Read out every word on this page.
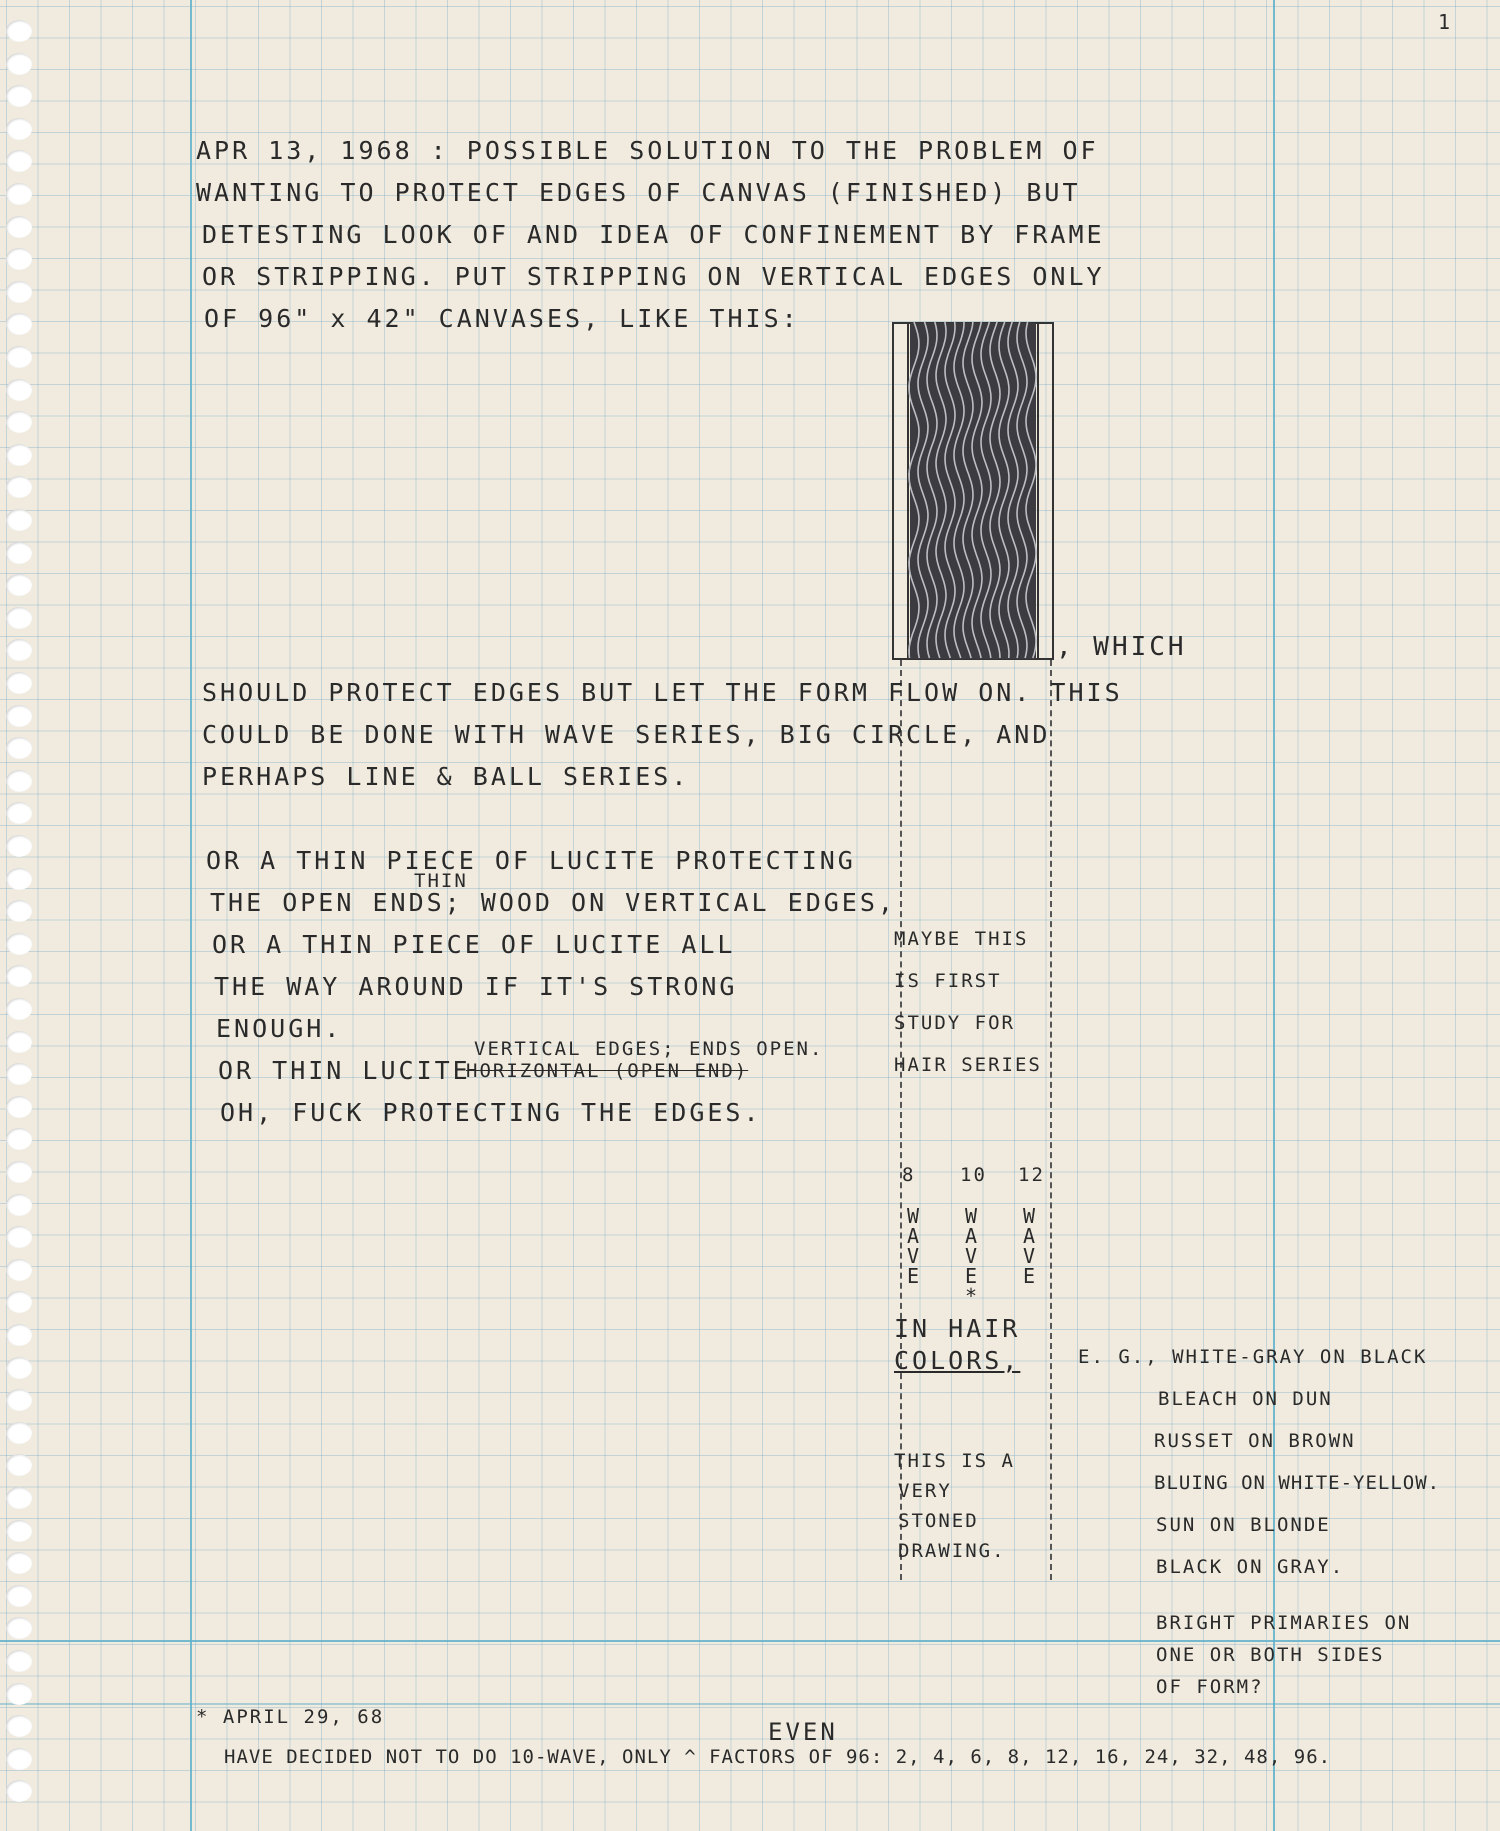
1
APR 13, 1968 : POSSIBLE SOLUTION TO THE PROBLEM OF
WANTING TO PROTECT EDGES OF CANVAS (FINISHED) BUT
DETESTING LOOK OF AND IDEA OF CONFINEMENT BY FRAME
OR STRIPPING. PUT STRIPPING ON VERTICAL EDGES ONLY
OF 96" x 42" CANVASES, LIKE THIS:
, WHICH
SHOULD PROTECT EDGES BUT LET THE FORM FLOW ON. THIS
COULD BE DONE WITH WAVE SERIES, BIG CIRCLE, AND
PERHAPS LINE & BALL SERIES.
OR A THIN PIECE OF LUCITE PROTECTING
THIN
THE OPEN ENDS; WOOD ON VERTICAL EDGES,
OR A THIN PIECE OF LUCITE ALL
THE WAY AROUND IF IT'S STRONG
ENOUGH.
VERTICAL EDGES; ENDS OPEN.
OR THIN LUCITE
HORIZONTAL (OPEN END)
OH, FUCK PROTECTING THE EDGES.
MAYBE THIS
IS FIRST
STUDY FOR
HAIR SERIES
8
W
A
V
E
10
W
A
V
E
*
12
W
A
V
E
IN HAIR
COLORS,
THIS IS A
VERY
STONED
DRAWING.
E. G., WHITE-GRAY ON BLACK
BLEACH ON DUN
RUSSET ON BROWN
BLUING ON WHITE-YELLOW.
SUN ON BLONDE
BLACK ON GRAY.
BRIGHT PRIMARIES ON
ONE OR BOTH SIDES
OF FORM?
* APRIL 29, 68
EVEN
HAVE DECIDED NOT TO DO 10-WAVE, ONLY ^ FACTORS OF 96: 2, 4, 6, 8, 12, 16, 24, 32, 48, 96.
